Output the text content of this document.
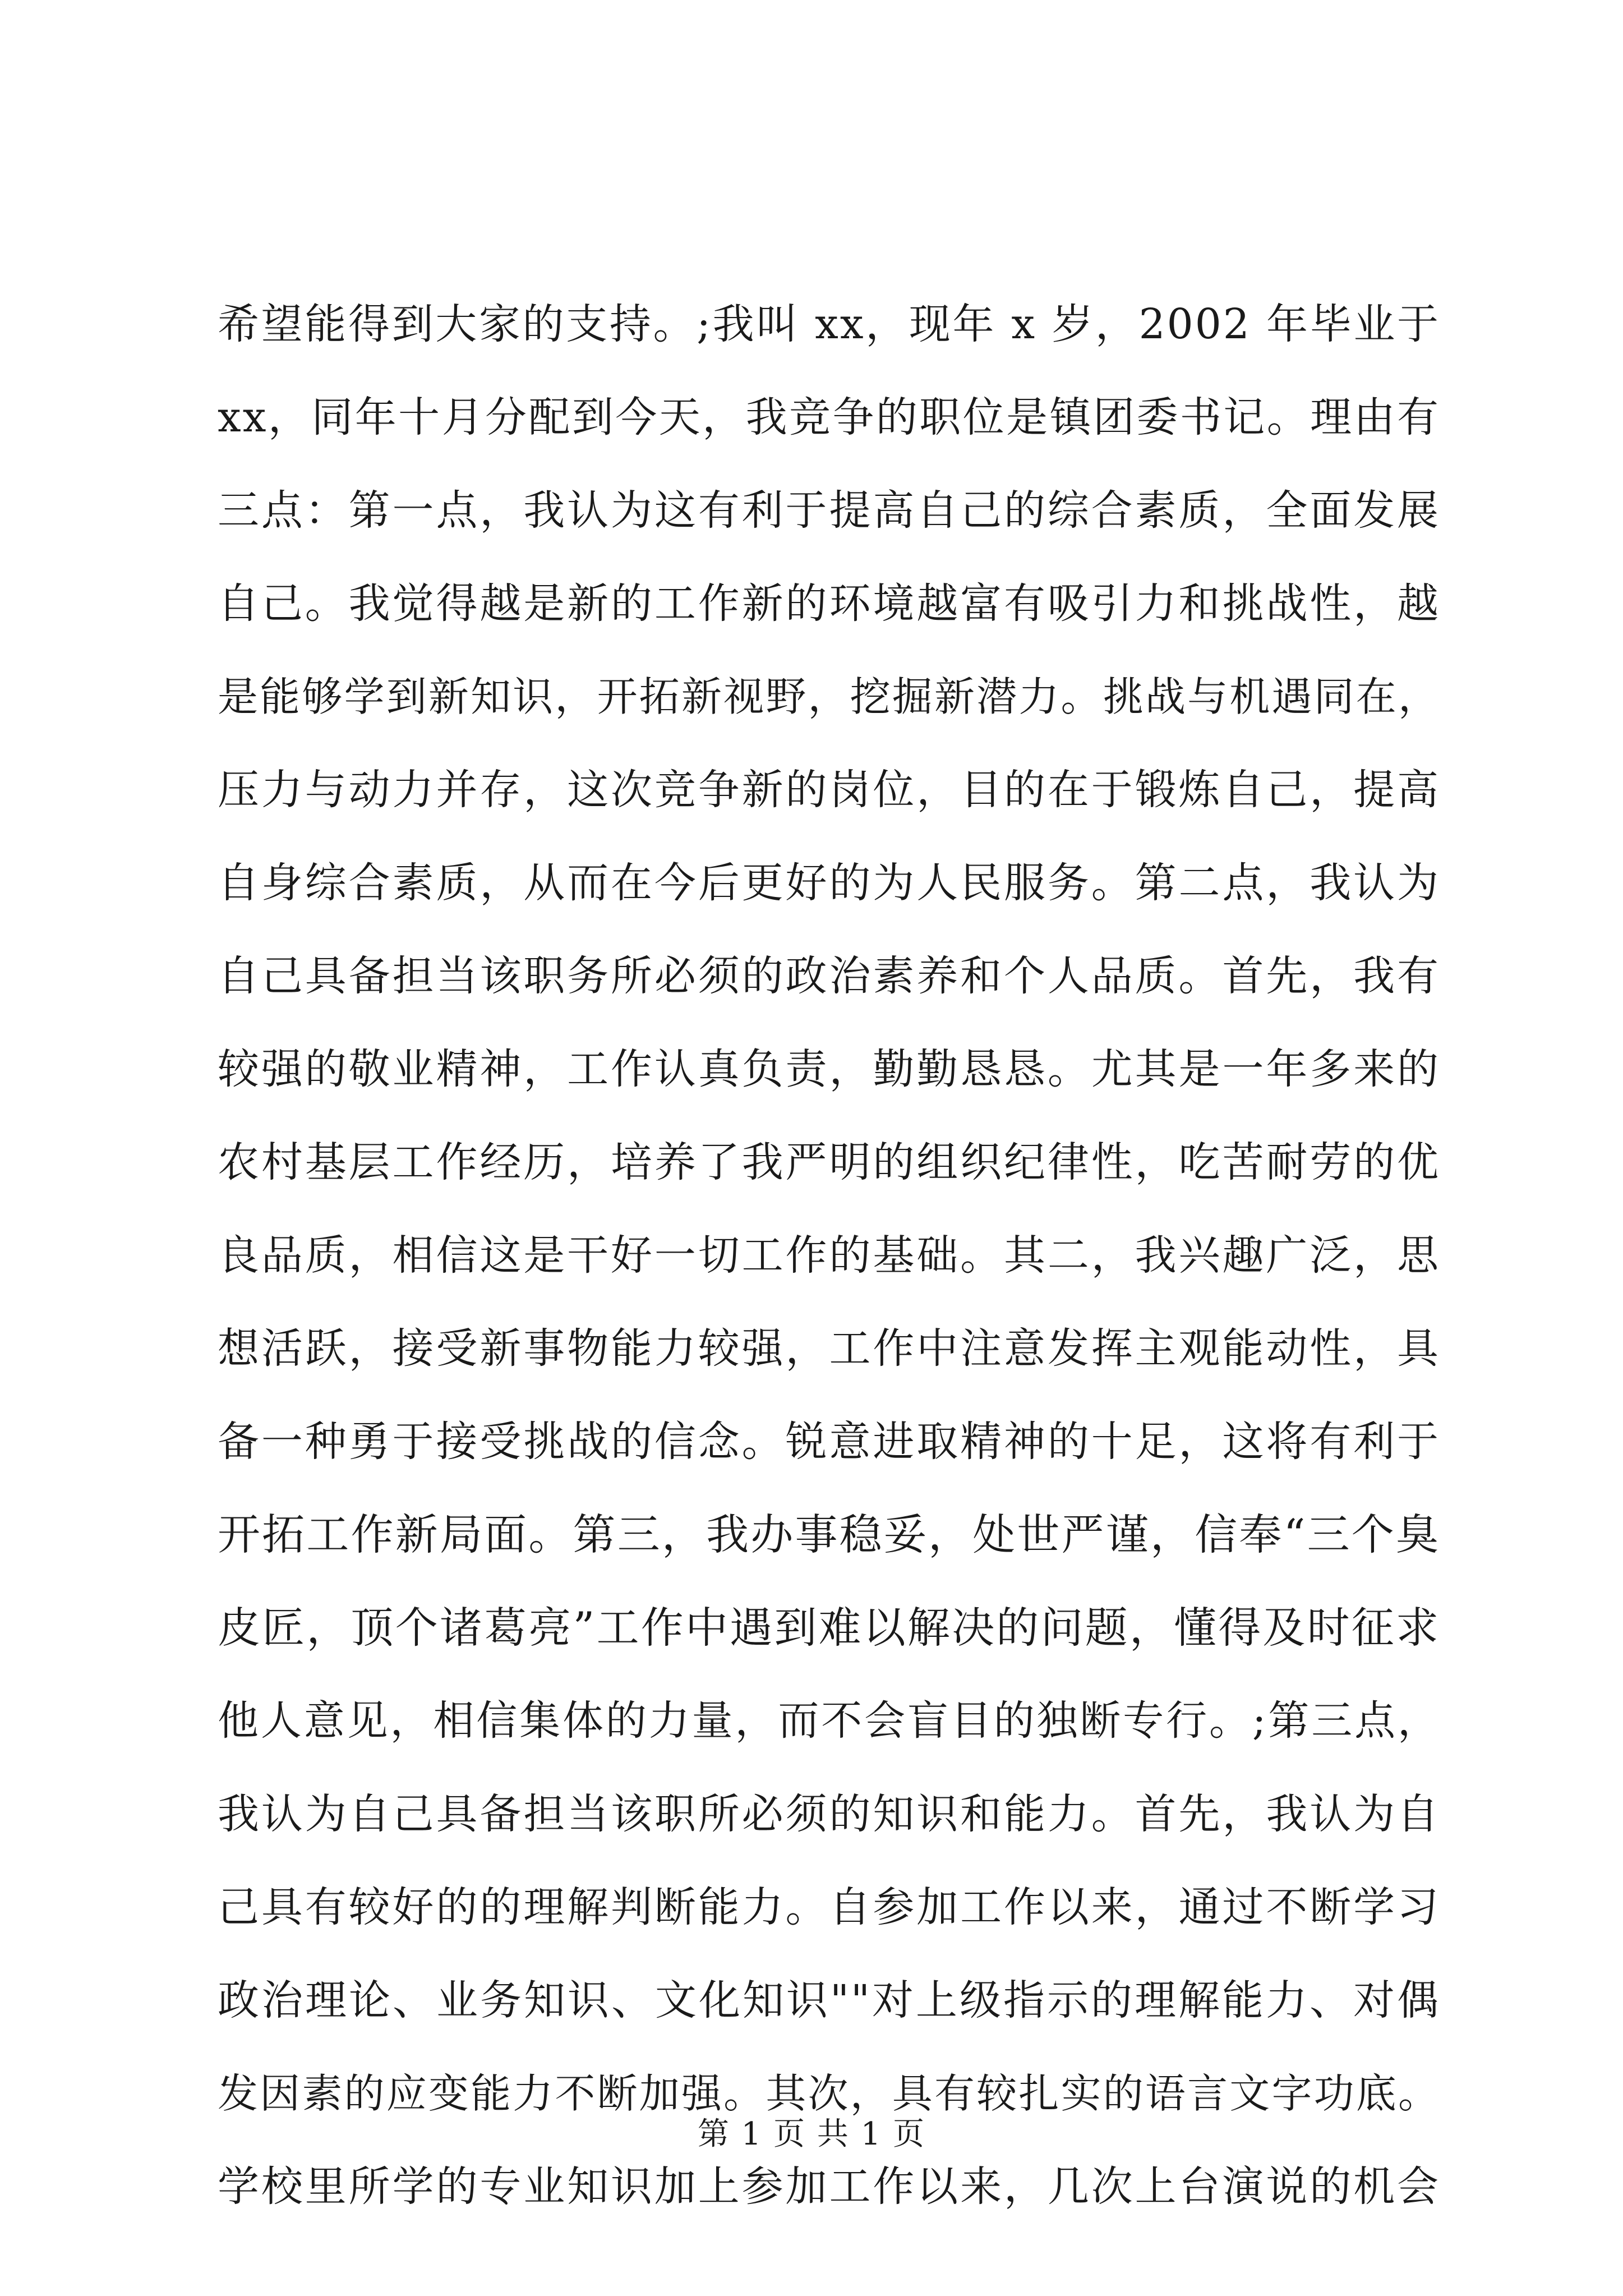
希望能得到大家的支持。;我叫 xx，现年 x 岁，2002 年毕业于
xx，同年十月分配到今天，我竞争的职位是镇团委书记。理由有
三点：第一点，我认为这有利于提高自己的综合素质，全面发展
自己。我觉得越是新的工作新的环境越富有吸引力和挑战性，越
是能够学到新知识，开拓新视野，挖掘新潜力。挑战与机遇同在，
压力与动力并存，这次竞争新的岗位，目的在于锻炼自己，提高
自身综合素质，从而在今后更好的为人民服务。第二点，我认为
自己具备担当该职务所必须的政治素养和个人品质。首先，我有
较强的敬业精神，工作认真负责，勤勤恳恳。尤其是一年多来的
农村基层工作经历，培养了我严明的组织纪律性，吃苦耐劳的优
良品质，相信这是干好一切工作的基础。其二，我兴趣广泛，思
想活跃，接受新事物能力较强，工作中注意发挥主观能动性，具
备一种勇于接受挑战的信念。锐意进取精神的十足，这将有利于
开拓工作新局面。第三，我办事稳妥，处世严谨，信奉“三个臭
皮匠，顶个诸葛亮”工作中遇到难以解决的问题，懂得及时征求
他人意见，相信集体的力量，而不会盲目的独断专行。;第三点，
我认为自己具备担当该职所必须的知识和能力。首先，我认为自
己具有较好的的理解判断能力。自参加工作以来，通过不断学习
政治理论、业务知识、文化知识""对上级指示的理解能力、对偶
发因素的应变能力不断加强。其次，具有较扎实的语言文字功底。
学校里所学的专业知识加上参加工作以来，几次上台演说的机会
第 1 页 共 1 页
